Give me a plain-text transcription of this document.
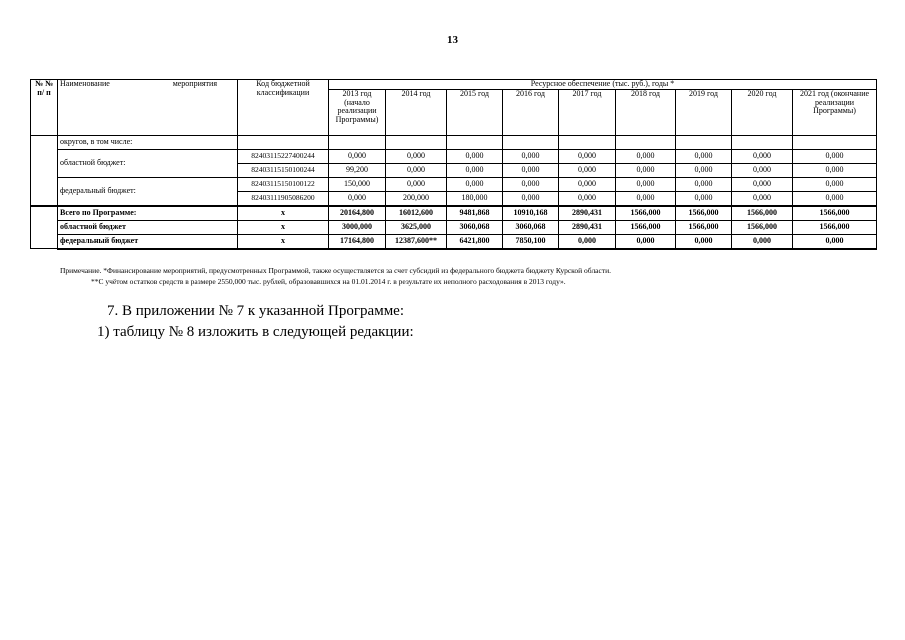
13
№ № п/ п	Наименование мероприятия	Код бюджетной классификации	Ресурсное обеспечение (тыс. руб.), годы *								
			2013 год (начало реализации Программы)	2014 год	2015 год	2016 год	2017 год	2018 год	2019 год	2020 год	2021 год (окончание реализации Программы)
	округов, в том числе:										
	областной бюджет:	82403115227400244	0,000	0,000	0,000	0,000	0,000	0,000	0,000	0,000	0,000
		82403115150100244	99,200	0,000	0,000	0,000	0,000	0,000	0,000	0,000	0,000
	федеральный бюджет:	82403115150100122	150,000	0,000	0,000	0,000	0,000	0,000	0,000	0,000	0,000
		82403111905086200	0,000	200,000	180,000	0,000	0,000	0,000	0,000	0,000	0,000
	Всего по Программе:	х	20164,800	16012,600	9481,868	10910,168	2890,431	1566,000	1566,000	1566,000	1566,000
	областной бюджет	х	3000,000	3625,000	3060,068	3060,068	2890,431	1566,000	1566,000	1566,000	1566,000
	федеральный бюджет	х	17164,800	12387,600**	6421,800	7850,100	0,000	0,000	0,000	0,000	0,000
Примечание. *Финансирование мероприятий, предусмотренных Программой, также осуществляется за счет субсидий из федерального бюджета бюджету Курской области.
**С учётом остатков средств в размере 2550,000 тыс. рублей, образовавшихся на 01.01.2014 г. в результате их неполного расходования в 2013 году».
7. В приложении № 7 к указанной Программе:
1) таблицу № 8 изложить в следующей редакции:
